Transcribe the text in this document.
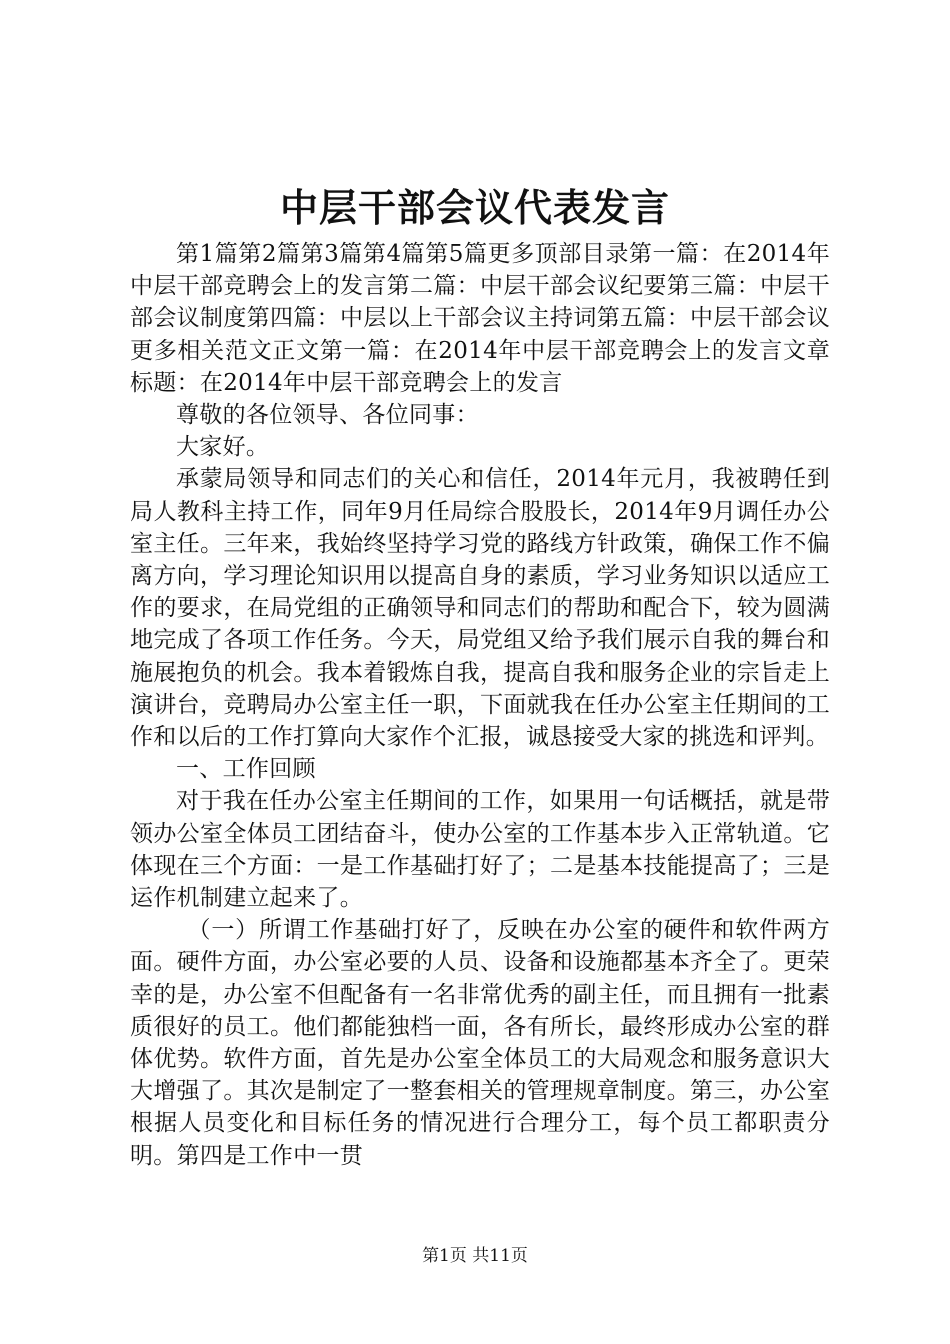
中层干部会议代表发言

第1篇第2篇第3篇第4篇第5篇更多顶部目录第一篇：在2014年中层干部竞聘会上的发言第二篇：中层干部会议纪要第三篇：中层干部会议制度第四篇：中层以上干部会议主持词第五篇：中层干部会议更多相关范文正文第一篇：在2014年中层干部竞聘会上的发言文章标题：在2014年中层干部竞聘会上的发言

尊敬的各位领导、各位同事：

大家好。

承蒙局领导和同志们的关心和信任，2014年元月，我被聘任到局人教科主持工作，同年9月任局综合股股长，2014年9月调任办公室主任。三年来，我始终坚持学习党的路线方针政策，确保工作不偏离方向，学习理论知识用以提高自身的素质，学习业务知识以适应工作的要求，在局党组的正确领导和同志们的帮助和配合下，较为圆满地完成了各项工作任务。今天，局党组又给予我们展示自我的舞台和施展抱负的机会。我本着锻炼自我，提高自我和服务企业的宗旨走上演讲台，竞聘局办公室主任一职，下面就我在任办公室主任期间的工作和以后的工作打算向大家作个汇报，诚恳接受大家的挑选和评判。

一、工作回顾

对于我在任办公室主任期间的工作，如果用一句话概括，就是带领办公室全体员工团结奋斗，使办公室的工作基本步入正常轨道。它体现在三个方面：一是工作基础打好了；二是基本技能提高了；三是运作机制建立起来了。

（一）所谓工作基础打好了，反映在办公室的硬件和软件两方面。硬件方面，办公室必要的人员、设备和设施都基本齐全了。更荣幸的是，办公室不但配备有一名非常优秀的副主任，而且拥有一批素质很好的员工。他们都能独档一面，各有所长，最终形成办公室的群体优势。软件方面，首先是办公室全体员工的大局观念和服务意识大大增强了。其次是制定了一整套相关的管理规章制度。第三，办公室根据人员变化和目标任务的情况进行合理分工，每个员工都职责分明。第四是工作中一贯

第1页 共11页
